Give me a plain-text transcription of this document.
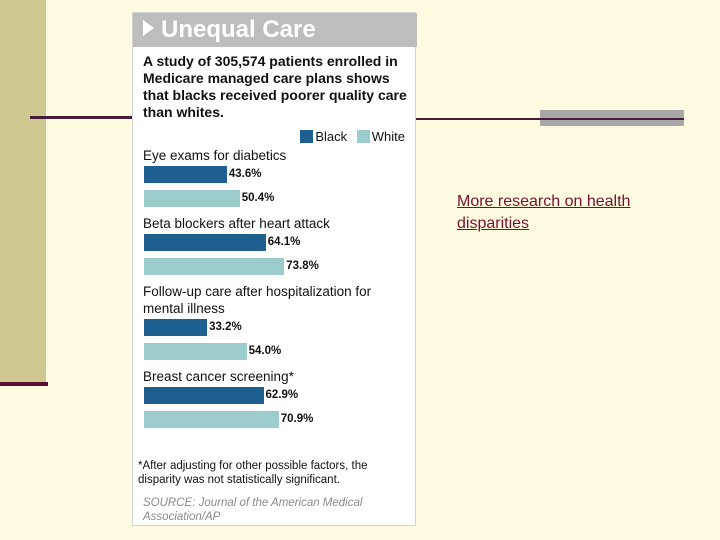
More research on health disparities
Unequal Care
A study of 305,574 patients enrolled in Medicare managed care plans shows that blacks received poorer quality care than whites.
Black White
Eye exams for diabetics
43.6%
50.4%
Beta blockers after heart attack
64.1%
73.8%
Follow-up care after hospitalization for mental illness
33.2%
54.0%
Breast cancer screening*
62.9%
70.9%
*After adjusting for other possible factors, the disparity was not statistically significant.
SOURCE: Journal of the American Medical Association/AP
